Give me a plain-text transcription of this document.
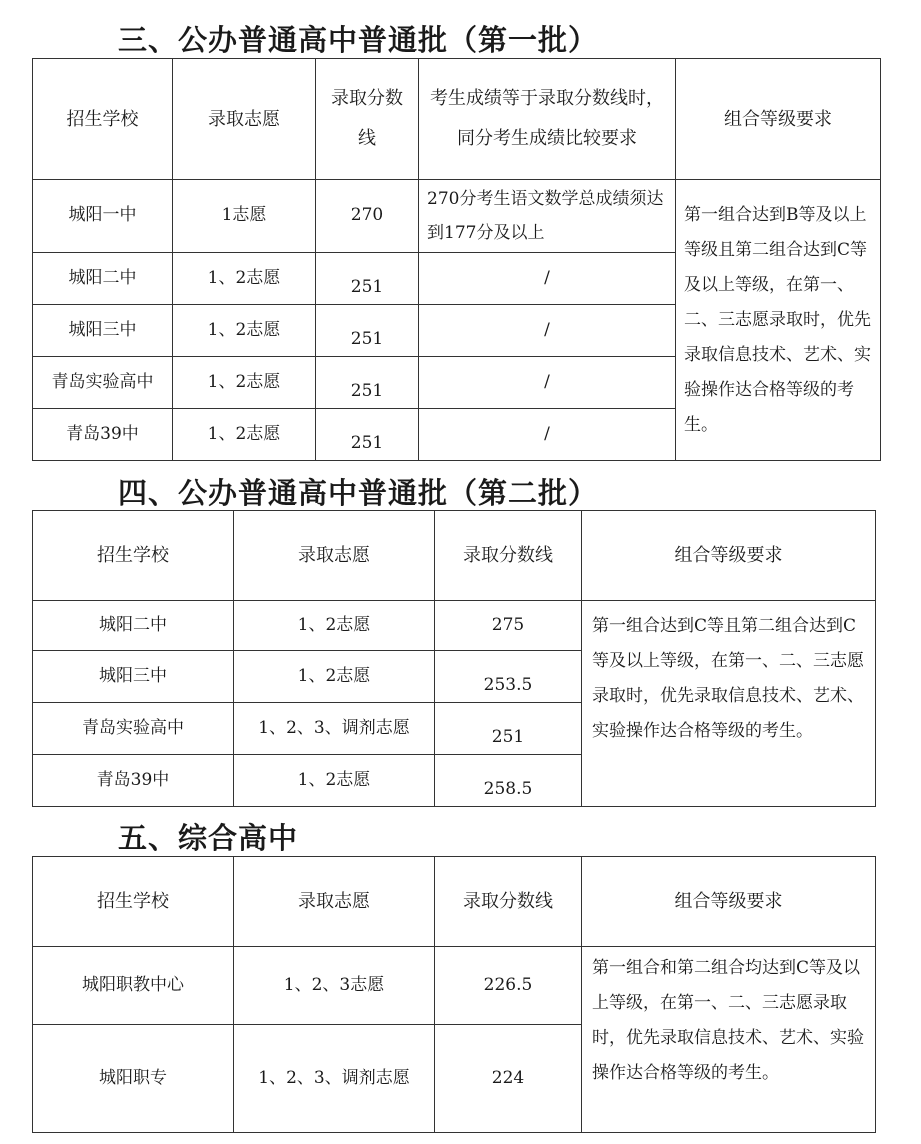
三、公办普通高中普通批（第一批）
招生学校	录取志愿	录取分数线	考生成绩等于录取分数线时，同分考生成绩比较要求	组合等级要求
城阳一中	1志愿	270	270分考生语文数学总成绩须达到177分及以上	第一组合达到B等及以上等级且第二组合达到C等及以上等级，在第一、二、三志愿录取时，优先录取信息技术、艺术、实验操作达合格等级的考生。
城阳二中	1、2志愿	251	/	
城阳三中	1、2志愿	251	/	
青岛实验高中	1、2志愿	251	/	
青岛39中	1、2志愿	251	/	
四、公办普通高中普通批（第二批）
招生学校	录取志愿	录取分数线	组合等级要求
城阳二中	1、2志愿	275	第一组合达到C等且第二组合达到C等及以上等级，在第一、二、三志愿录取时，优先录取信息技术、艺术、实验操作达合格等级的考生。
城阳三中	1、2志愿	253.5	
青岛实验高中	1、2、3、调剂志愿	251	
青岛39中	1、2志愿	258.5	
五、综合高中
招生学校	录取志愿	录取分数线	组合等级要求
城阳职教中心	1、2、3志愿	226.5	第一组合和第二组合均达到C等及以上等级，在第一、二、三志愿录取时，优先录取信息技术、艺术、实验操作达合格等级的考生。
城阳职专	1、2、3、调剂志愿	224	
